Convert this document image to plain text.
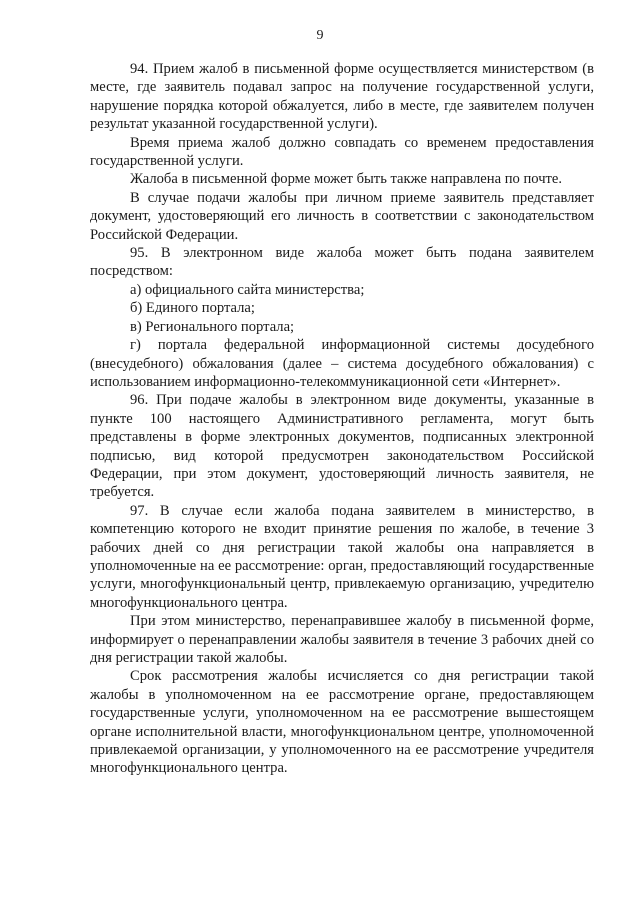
9

94. Прием жалоб в письменной форме осуществляется министерством (в месте, где заявитель подавал запрос на получение государственной услуги, нарушение порядка которой обжалуется, либо в месте, где заявителем получен результат указанной государственной услуги).

Время приема жалоб должно совпадать со временем предоставления государственной услуги.

Жалоба в письменной форме может быть также направлена по почте.

В случае подачи жалобы при личном приеме заявитель представляет документ, удостоверяющий его личность в соответствии с законодательством Российской Федерации.

95. В электронном виде жалоба может быть подана заявителем посредством:

а) официального сайта министерства;

б) Единого портала;

в) Регионального портала;

г) портала федеральной информационной системы досудебного (внесудебного) обжалования (далее – система досудебного обжалования) с использованием информационно-телекоммуникационной сети «Интернет».

96. При подаче жалобы в электронном виде документы, указанные в пункте 100 настоящего Административного регламента, могут быть представлены в форме электронных документов, подписанных электронной подписью, вид которой предусмотрен законодательством Российской Федерации, при этом документ, удостоверяющий личность заявителя, не требуется.

97. В случае если жалоба подана заявителем в министерство, в компетенцию которого не входит принятие решения по жалобе, в течение 3 рабочих дней со дня регистрации такой жалобы она направляется в уполномоченные на ее рассмотрение: орган, предоставляющий государственные услуги, многофункциональный центр, привлекаемую организацию, учредителю многофункционального центра.

При этом министерство, перенаправившее жалобу в письменной форме, информирует о перенаправлении жалобы заявителя в течение 3 рабочих дней со дня регистрации такой жалобы.

Срок рассмотрения жалобы исчисляется со дня регистрации такой жалобы в уполномоченном на ее рассмотрение органе, предоставляющем государственные услуги, уполномоченном на ее рассмотрение вышестоящем органе исполнительной власти, многофункциональном центре, уполномоченной привлекаемой организации, у уполномоченного на ее рассмотрение учредителя многофункционального центра.
